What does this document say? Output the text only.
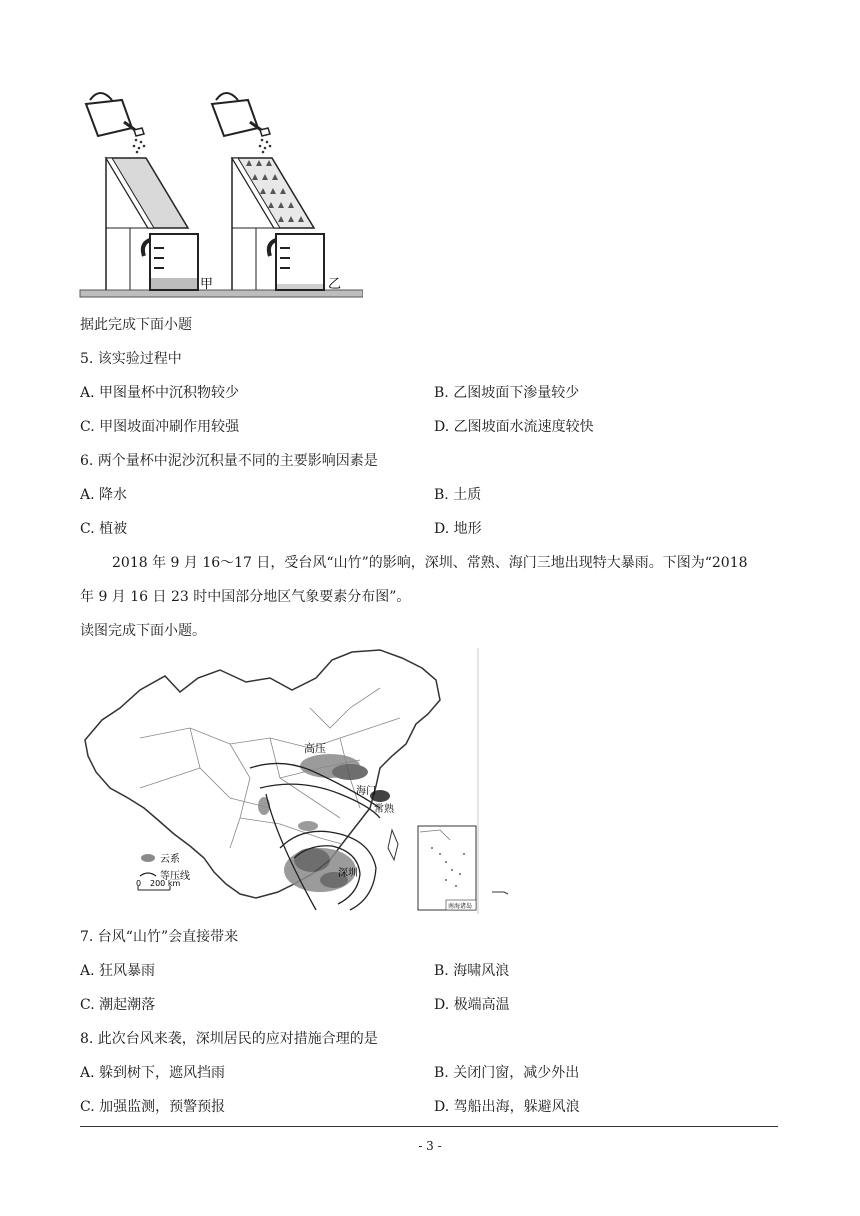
甲	乙
据此完成下面小题
5. 该实验过程中
A. 甲图量杯中沉积物较少	B. 乙图坡面下渗量较少
C. 甲图坡面冲刷作用较强	D. 乙图坡面水流速度较快
6. 两个量杯中泥沙沉积量不同的主要影响因素是
A. 降水	B. 土质
C. 植被	D. 地形
2018 年 9 月 16～17 日，受台风“山竹”的影响，深圳、常熟、海门三地出现特大暴雨。下图为“2018
年 9 月 16 日 23 时中国部分地区气象要素分布图”。
读图完成下面小题。
高压
海门
常熟
深圳
云系
等压线
0 200 km
南海诸岛
7. 台风“山竹”会直接带来
A. 狂风暴雨	B. 海啸风浪
C. 潮起潮落	D. 极端高温
8. 此次台风来袭，深圳居民的应对措施合理的是
A. 躲到树下，遮风挡雨	B. 关闭门窗，减少外出
C. 加强监测，预警预报	D. 驾船出海，躲避风浪
- 3 -
